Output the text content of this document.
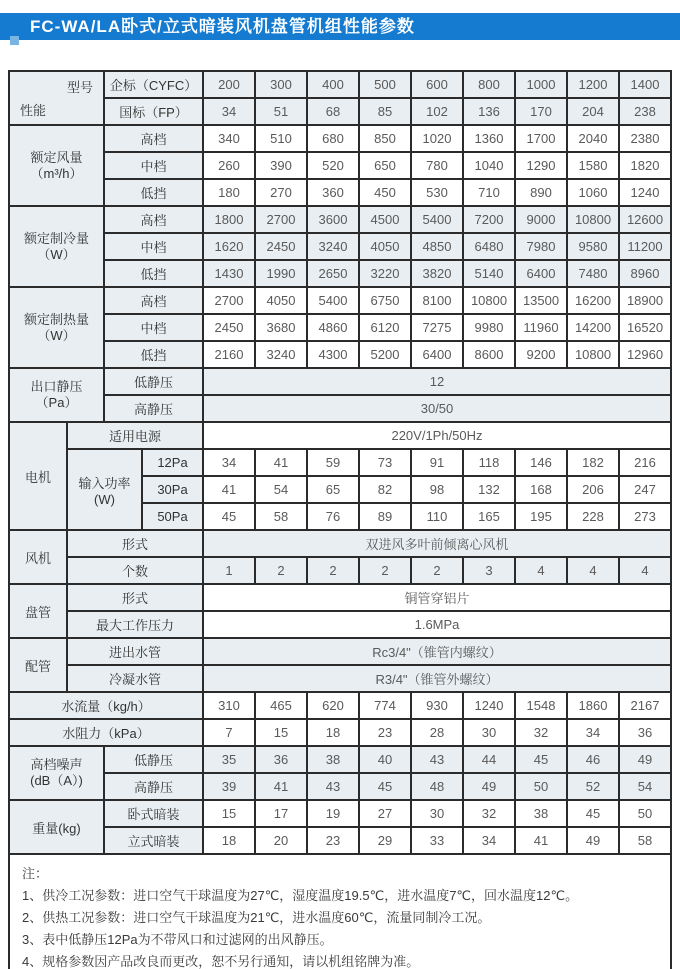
FC-WA/LA卧式/立式暗装风机盘管机组性能参数
型号
性能		企标（CYFC）		200	300	400	500	600	800	1000	1200	1400
		国标（FP）		34	51	68	85	102	136	170	204	238

额定风量
（m³/h）		高档		340	510	680	850	1020	1360	1700	2040	2380
		中档		260	390	520	650	780	1040	1290	1580	1820
		低挡		180	270	360	450	530	710	890	1060	1240

额定制冷量
（W）		高档		1800	2700	3600	4500	5400	7200	9000	10800	12600
		中档		1620	2450	3240	4050	4850	6480	7980	9580	11200
		低挡		1430	1990	2650	3220	3820	5140	6400	7480	8960

额定制热量
（W）		高档		2700	4050	5400	6750	8100	10800	13500	16200	18900
		中档		2450	3680	4860	6120	7275	9980	11960	14200	16520
		低挡		2160	3240	4300	5200	6400	8600	9200	10800	12960

出口静压
（Pa）		低静压		12								
		高静压		30/50								
电机	适用电源			220V/1Ph/50Hz								
	输入功率(W)		12Pa	34	41	59	73	91	118	146	182	216
			30Pa	41	54	65	82	98	132	168	206	247
			50Pa	45	58	76	89	110	165	195	228	273
风机	形式			双进风多叶前倾离心风机								
	个数			1	2	2	2	2	3	4	4	4
盘管	形式			铜管穿铝片								
	最大工作压力			1.6MPa								
配管	进出水管			Rc3/4"（锥管内螺纹）								
	冷凝水管			R3/4"（锥管外螺纹）								
水流量（kg/h）				310	465	620	774	930	1240	1548	1860	2167
水阻力（kPa）				7	15	18	23	28	30	32	34	36

高档噪声
(dB（A）)		低静压		35	36	38	40	43	44	45	46	49
		高静压		39	41	43	45	48	49	50	52	54
重量(kg)		卧式暗装		15	17	19	27	30	32	38	45	50
		立式暗装		18	20	23	29	33	34	41	49	58
注：
1、供冷工况参数：进口空气干球温度为27℃，湿度温度19.5℃，进水温度7℃，回水温度12℃。
2、供热工况参数：进口空气干球温度为21℃，进水温度60℃，流量同制冷工况。
3、表中低静压12Pa为不带风口和过滤网的出风静压。
4、规格参数因产品改良而更改，恕不另行通知，请以机组铭牌为准。
